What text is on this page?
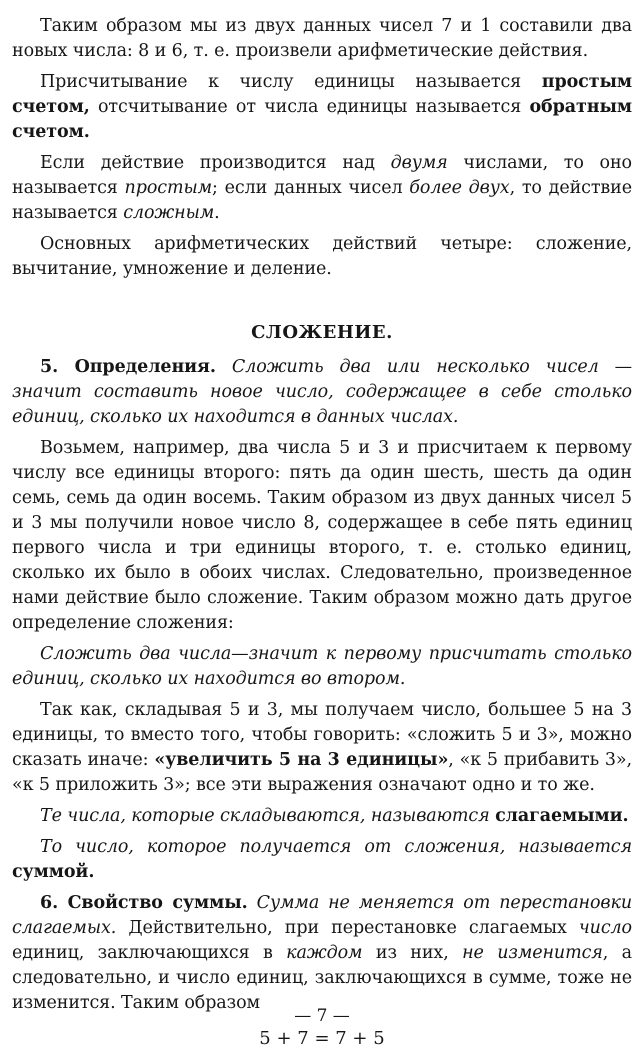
Таким образом мы из двух данных чисел 7 и 1 составили два новых числа: 8 и 6, т. е. произвели арифметические действия.

Присчитывание к числу единицы называется простым счетом, отсчитывание от числа единицы называется обратным счетом.

Если действие производится над двумя числами, то оно называется простым; если данных чисел более двух, то действие называется сложным.

Основных арифметических действий четыре: сложение, вычитание, умножение и деление.

СЛОЖЕНИЕ.

5. Определения. Сложить два или несколько чисел — значит составить новое число, содержащее в себе столько единиц, сколько их находится в данных числах.

Возьмем, например, два числа 5 и 3 и присчитаем к первому числу все единицы второго: пять да один шесть, шесть да один семь, семь да один восемь. Таким образом из двух данных чисел 5 и 3 мы получили новое число 8, содержащее в себе пять единиц первого числа и три единицы второго, т. е. столько единиц, сколько их было в обоих числах. Следовательно, произведенное нами действие было сложение. Таким образом можно дать другое определение сложения:

Сложить два числа—значит к первому присчитать столько единиц, сколько их находится во втором.

Так как, складывая 5 и 3, мы получаем число, большее 5 на 3 единицы, то вместо того, чтобы говорить: «сложить 5 и 3», можно сказать иначе: «увеличить 5 на 3 единицы», «к 5 прибавить 3», «к 5 приложить 3»; все эти выражения означают одно и то же.

Те числа, которые складываются, называются слагаемыми.

То число, которое получается от сложения, называется суммой.

6. Свойство суммы. Сумма не меняется от перестановки слагаемых. Действительно, при перестановке слагаемых число единиц, заключающихся в каждом из них, не изменится, а следовательно, и число единиц, заключающихся в сумме, тоже не изменится. Таким образом

5 + 7 = 7 + 5
— 7 —
